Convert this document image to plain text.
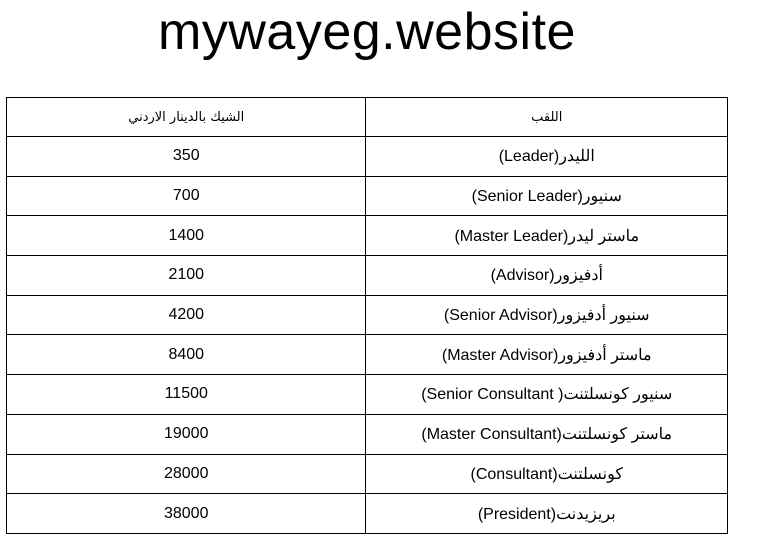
mywayeg.website
الشيك بالدينار الاردني	اللقب
350	الليدر(Leader)
700	سنيور(Senior Leader)
1400	ماستر ليدر(Master Leader)
2100	أدفيزور(Advisor)
4200	سنيور أدفيزور(Senior Advisor)
8400	ماستر أدفيزور(Master Advisor)
11500	سنيور كونسلتنت( Senior Consultant)
19000	ماستر كونسلتنت(Master Consultant)
28000	كونسلتنت(Consultant)
38000	بريزيدنت(President)
